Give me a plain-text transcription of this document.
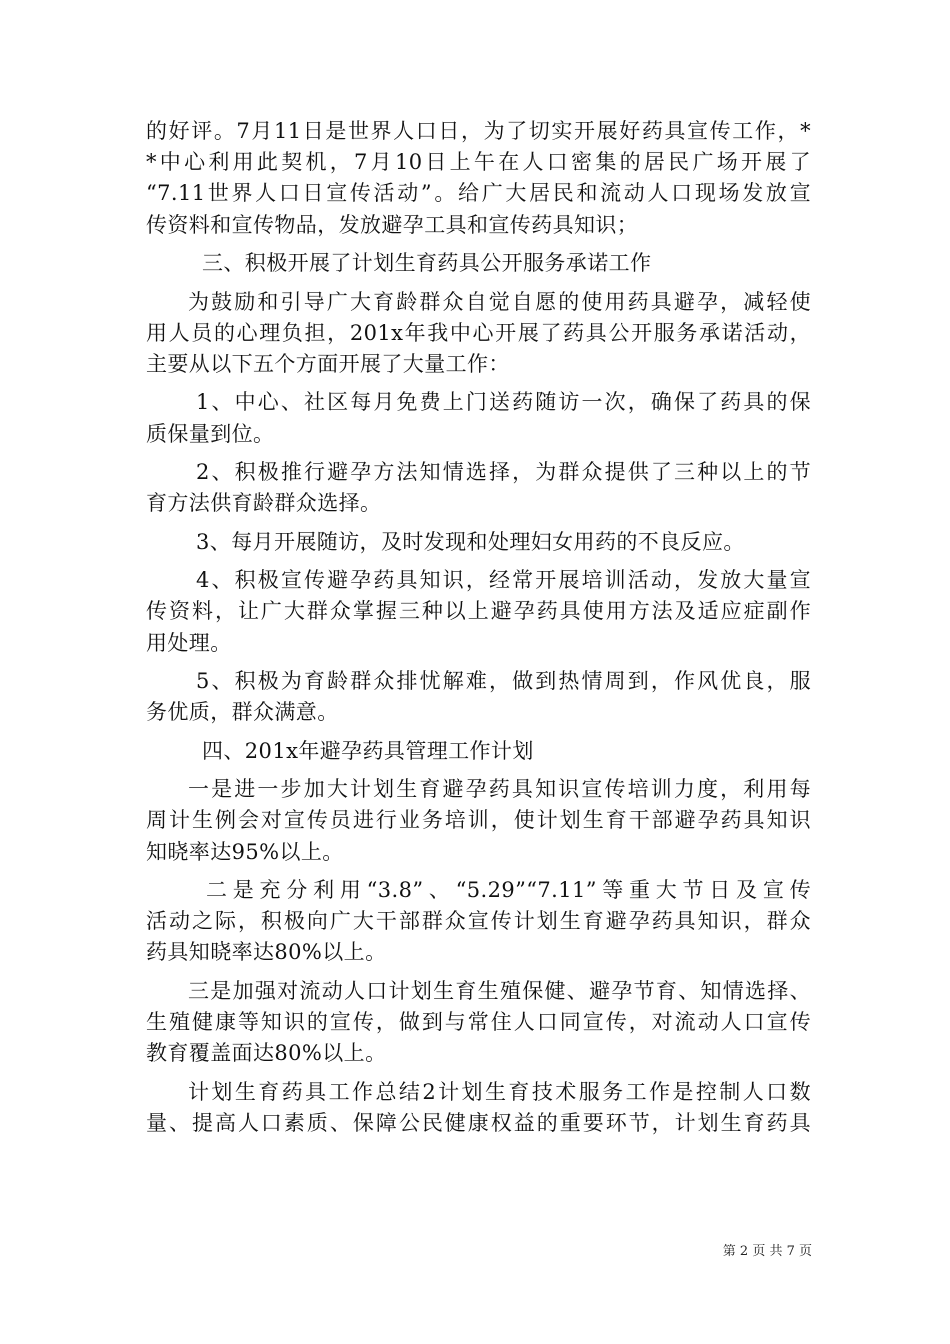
的好评。7月11日是世界人口日，为了切实开展好药具宣传工作，*
*中心利用此契机，7月10日上午在人口密集的居民广场开展了
“7.11世界人口日宣传活动”。给广大居民和流动人口现场发放宣
传资料和宣传物品，发放避孕工具和宣传药具知识；
三、积极开展了计划生育药具公开服务承诺工作
为鼓励和引导广大育龄群众自觉自愿的使用药具避孕，减轻使
用人员的心理负担，201x年我中心开展了药具公开服务承诺活动，
主要从以下五个方面开展了大量工作：
1、中心、社区每月免费上门送药随访一次，确保了药具的保
质保量到位。
2、积极推行避孕方法知情选择，为群众提供了三种以上的节
育方法供育龄群众选择。
3、每月开展随访，及时发现和处理妇女用药的不良反应。
4、积极宣传避孕药具知识，经常开展培训活动，发放大量宣
传资料，让广大群众掌握三种以上避孕药具使用方法及适应症副作
用处理。
5、积极为育龄群众排忧解难，做到热情周到，作风优良，服
务优质，群众满意。
四、201x年避孕药具管理工作计划
一是进一步加大计划生育避孕药具知识宣传培训力度，利用每
周计生例会对宣传员进行业务培训，使计划生育干部避孕药具知识
知晓率达95%以上。
二是充分利用“3.8”、“5.29”“7.11”等重大节日及宣传
活动之际，积极向广大干部群众宣传计划生育避孕药具知识，群众
药具知晓率达80%以上。
三是加强对流动人口计划生育生殖保健、避孕节育、知情选择、
生殖健康等知识的宣传，做到与常住人口同宣传，对流动人口宣传
教育覆盖面达80%以上。
计划生育药具工作总结2计划生育技术服务工作是控制人口数
量、提高人口素质、保障公民健康权益的重要环节，计划生育药具
第 2 页 共 7 页
